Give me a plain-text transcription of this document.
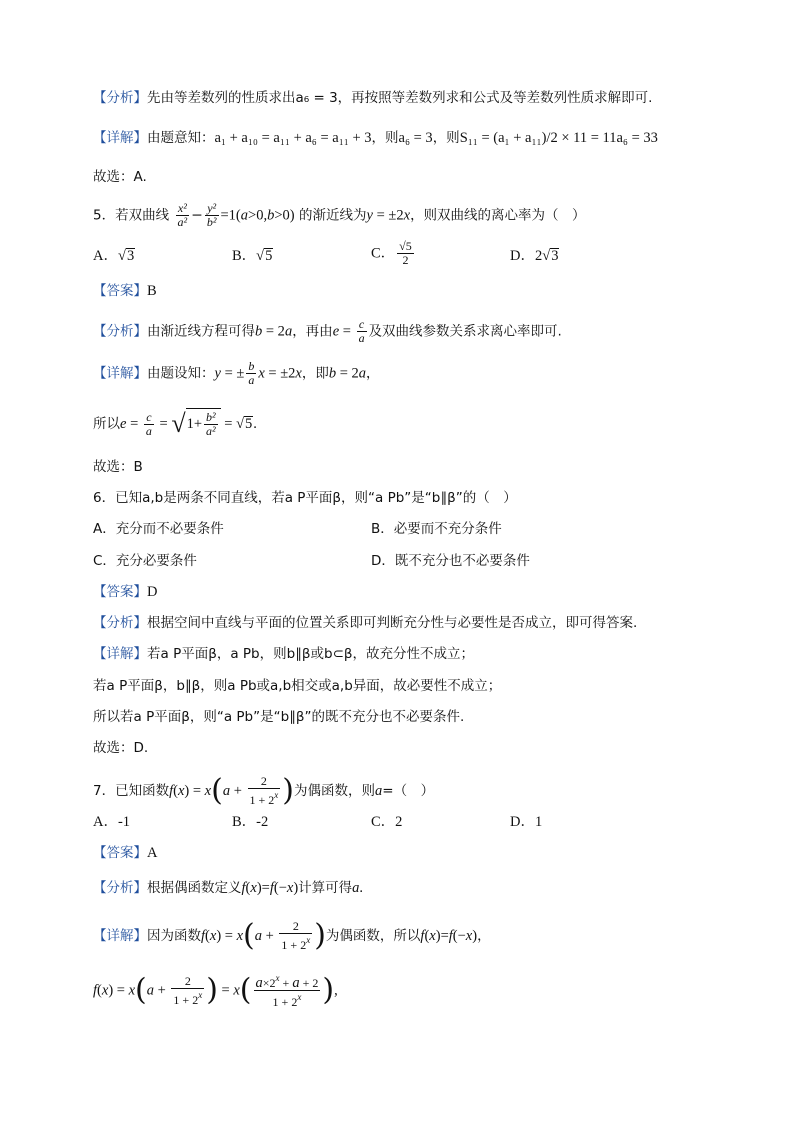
【分析】先由等差数列的性质求出a₆ = 3，再按照等差数列求和公式及等差数列性质求解即可.
【详解】由题意知：a₁ + a₁₀ = a₁₁ + a₆ = a₁₁ + 3，则a₆ = 3，则S₁₁ = (a₁ + a₁₁)/2 × 11 = 11a₆ = 33
故选：A.
5．若双曲线 $\frac{\text{x²}}{\text{a²}} - \frac{\text{y²}}{\text{b²}} =1(a>0,b>0)$ 的渐近线为y = ±2x，则双曲线的离心率为（　）
A．√3	B．√5	C． $\frac{√5}{2}$	D．2√3
【答案】B
【分析】由渐近线方程可得b = 2a，再由$e = \frac{c}{a}$ 及双曲线参数关系求离心率即可.
【详解】由题设知：y = ± $\frac{b}{a}$ x = ±2x，即b = 2a，
所以$e = \frac{c}{a} = √1+ \frac{\text{b²}}{\text{a²}} = √5$.
故选：B
6．已知a,b是两条不同直线，若a P平面β，则“a Pb”是“b∥β”的（　）
A．充分而不必要条件	B．必要而不充分条件
C．充分必要条件	D．既不充分也不必要条件
【答案】D
【分析】根据空间中直线与平面的位置关系即可判断充分性与必要性是否成立，即可得答案.
【详解】若a P平面β，a Pb，则b∥β或b⊂β，故充分性不成立；
若a P平面β，b∥β，则a Pb或a,b相交或a,b异面，故必要性不成立；
所以若a P平面β，则“a Pb”是“b∥β”的既不充分也不必要条件.
故选：D.
7．已知函数$f(x) = x(a + \frac{2}{1 + 2^x}$ )为偶函数，则a=（　）
A．-1	B．-2	C．2	D．1
【答案】A
【分析】根据偶函数定义f(x)=f(−x)计算可得a.
【详解】因为函数$f(x) = x(a + \frac{2}{1 + 2^x}$ )为偶函数，所以f(x)=f(−x)，
$f(x) = x(a + \frac{2}{1 + 2^x}$ ) = $x( \frac{a\times 2^x + a + 2}{1 + 2^x}$ ),
